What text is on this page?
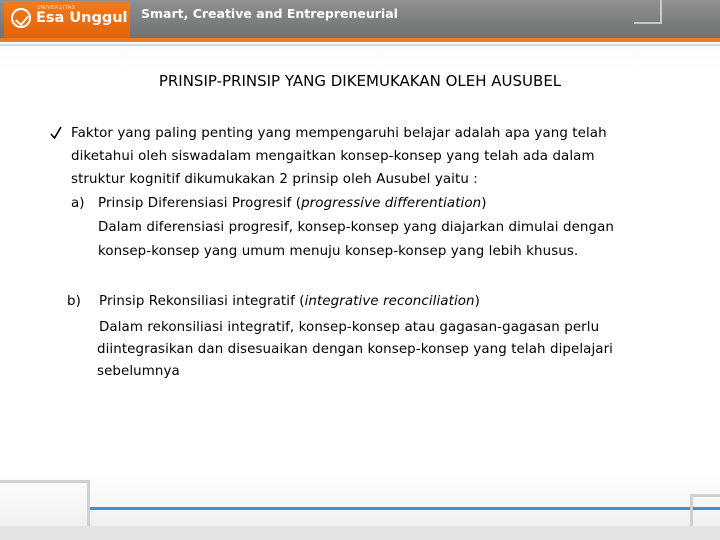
UNIVERSITAS
Esa Unggul Smart, Creative and Entrepreneurial
PRINSIP-PRINSIP YANG DIKEMUKAKAN OLEH AUSUBEL
Faktor yang paling penting yang mempengaruhi belajar adalah apa yang telah
diketahui oleh siswadalam mengaitkan konsep-konsep yang telah ada dalam
struktur kognitif dikumukakan 2 prinsip oleh Ausubel yaitu :
a) Prinsip Diferensiasi Progresif (progressive differentiation)
Dalam diferensiasi progresif, konsep-konsep yang diajarkan dimulai dengan
konsep-konsep yang umum menuju konsep-konsep yang lebih khusus.
b) Prinsip Rekonsiliasi integratif (integrative reconciliation)
Dalam rekonsiliasi integratif, konsep-konsep atau gagasan-gagasan perlu
diintegrasikan dan disesuaikan dengan konsep-konsep yang telah dipelajari
sebelumnya
